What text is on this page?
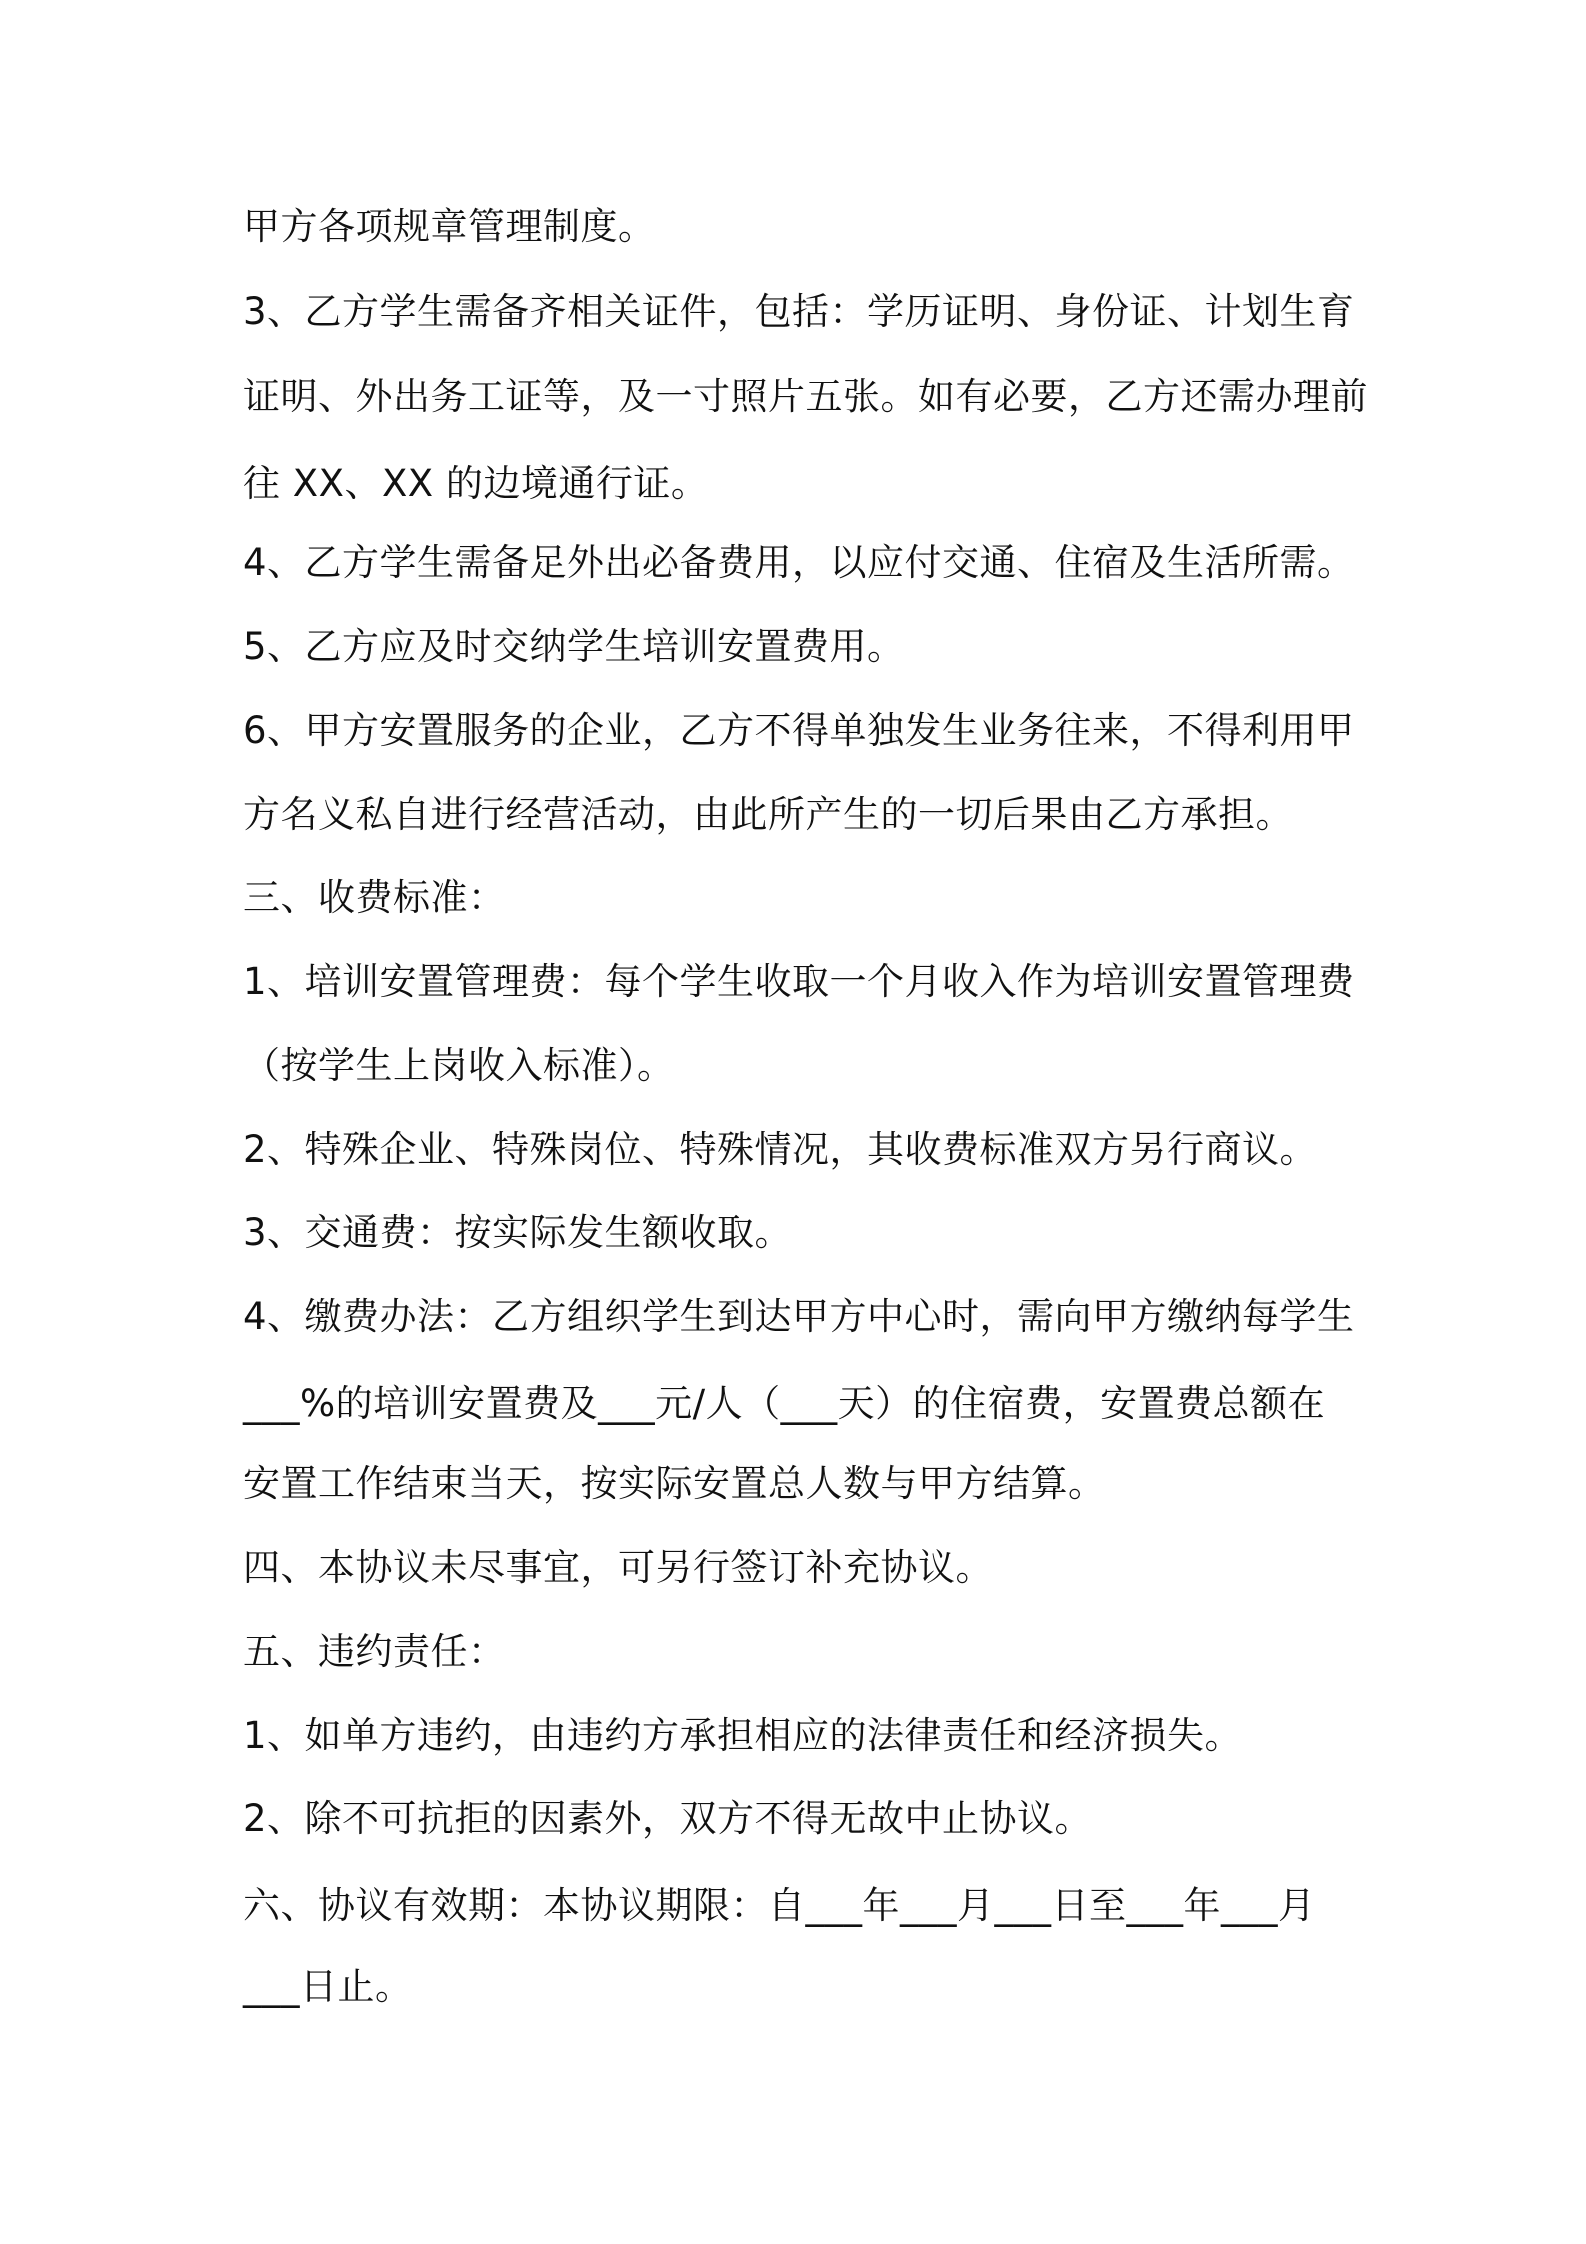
甲方各项规章管理制度。
3、乙方学生需备齐相关证件，包括：学历证明、身份证、计划生育
证明、外出务工证等，及一寸照片五张。如有必要，乙方还需办理前
往 XX、XX 的边境通行证。
4、乙方学生需备足外出必备费用，以应付交通、住宿及生活所需。
5、乙方应及时交纳学生培训安置费用。
6、甲方安置服务的企业，乙方不得单独发生业务往来，不得利用甲
方名义私自进行经营活动，由此所产生的一切后果由乙方承担。
三、收费标准：
1、培训安置管理费：每个学生收取一个月收入作为培训安置管理费
（按学生上岗收入标准）。
2、特殊企业、特殊岗位、特殊情况，其收费标准双方另行商议。
3、交通费：按实际发生额收取。
4、缴费办法：乙方组织学生到达甲方中心时，需向甲方缴纳每学生
___%的培训安置费及___元/人（___天）的住宿费，安置费总额在
安置工作结束当天，按实际安置总人数与甲方结算。
四、本协议未尽事宜，可另行签订补充协议。
五、违约责任：
1、如单方违约，由违约方承担相应的法律责任和经济损失。
2、除不可抗拒的因素外，双方不得无故中止协议。
六、协议有效期：本协议期限：自___年___月___日至___年___月
___日止。
